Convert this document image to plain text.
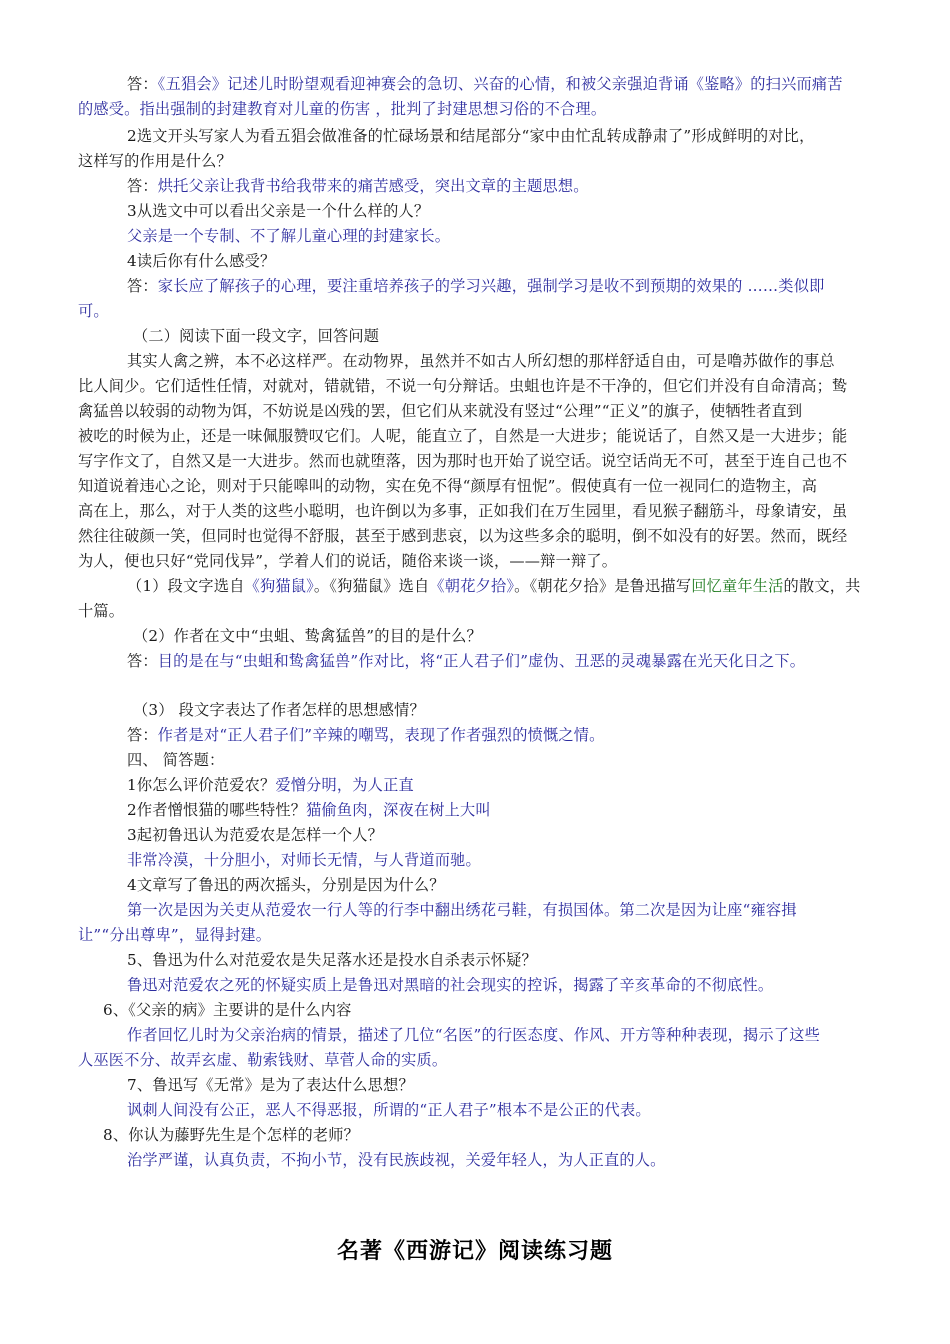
答：《五猖会》记述儿时盼望观看迎神赛会的急切、兴奋的心情，和被父亲强迫背诵《鉴略》的扫兴而痛苦
的感受。指出强制的封建教育对儿童的伤害 ，批判了封建思想习俗的不合理。
2选文开头写家人为看五猖会做准备的忙碌场景和结尾部分“家中由忙乱转成静肃了”形成鲜明的对比，
这样写的作用是什么？
答：烘托父亲让我背书给我带来的痛苦感受，突出文章的主题思想。
3从选文中可以看出父亲是一个什么样的人？
父亲是一个专制、不了解儿童心理的封建家长。
4读后你有什么感受？
答：家长应了解孩子的心理，要注重培养孩子的学习兴趣，强制学习是收不到预期的效果的 ……类似即
可。
（二）阅读下面一段文字，回答问题
其实人禽之辨，本不必这样严。在动物界，虽然并不如古人所幻想的那样舒适自由，可是噜苏做作的事总
比人间少。它们适性任情，对就对，错就错，不说一句分辩话。虫蛆也许是不干净的，但它们并没有自命清高；鸷
禽猛兽以较弱的动物为饵，不妨说是凶残的罢，但它们从来就没有竖过“公理”“正义”的旗子，使牺牲者直到
被吃的时候为止，还是一味佩服赞叹它们。人呢，能直立了，自然是一大进步；能说话了，自然又是一大进步；能
写字作文了，自然又是一大进步。然而也就堕落，因为那时也开始了说空话。说空话尚无不可，甚至于连自己也不
知道说着违心之论，则对于只能嗥叫的动物，实在免不得“颜厚有忸怩”。假使真有一位一视同仁的造物主，高
高在上，那么，对于人类的这些小聪明，也许倒以为多事，正如我们在万生园里，看见猴子翻筋斗，母象请安，虽
然往往破颜一笑，但同时也觉得不舒服，甚至于感到悲哀，以为这些多余的聪明，倒不如没有的好罢。然而，既经
为人，便也只好“党同伐异”，学着人们的说话，随俗来谈一谈，——辩一辩了。
（1）段文字选自《狗猫鼠》。《狗猫鼠》选自《朝花夕拾》。《朝花夕拾》是鲁迅描写回忆童年生活的散文，共
十篇。
（2）作者在文中“虫蛆、鸷禽猛兽”的目的是什么？
答：目的是在与“虫蛆和鸷禽猛兽”作对比，将“正人君子们”虚伪、丑恶的灵魂暴露在光天化日之下。
（3） 段文字表达了作者怎样的思想感情？
答：作者是对“正人君子们”辛辣的嘲骂，表现了作者强烈的愤慨之情。
四、 简答题：
1你怎么评价范爱农？爱憎分明，为人正直
2作者憎恨猫的哪些特性？猫偷鱼肉，深夜在树上大叫
3起初鲁迅认为范爱农是怎样一个人？
非常冷漠，十分胆小，对师长无情，与人背道而驰。
4文章写了鲁迅的两次摇头，分别是因为什么？
第一次是因为关吏从范爱农一行人等的行李中翻出绣花弓鞋，有损国体。第二次是因为让座“雍容揖
让”“分出尊卑”，显得封建。
5、鲁迅为什么对范爱农是失足落水还是投水自杀表示怀疑？
鲁迅对范爱农之死的怀疑实质上是鲁迅对黑暗的社会现实的控诉，揭露了辛亥革命的不彻底性。
6、《父亲的病》主要讲的是什么内容
作者回忆儿时为父亲治病的情景，描述了几位“名医”的行医态度、作风、开方等种种表现，揭示了这些
人巫医不分、故弄玄虚、勒索钱财、草菅人命的实质。
7、鲁迅写《无常》是为了表达什么思想？
讽刺人间没有公正，恶人不得恶报，所谓的“正人君子”根本不是公正的代表。
8、你认为藤野先生是个怎样的老师？
治学严谨，认真负责，不拘小节，没有民族歧视，关爱年轻人，为人正直的人。
名著《西游记》阅读练习题
